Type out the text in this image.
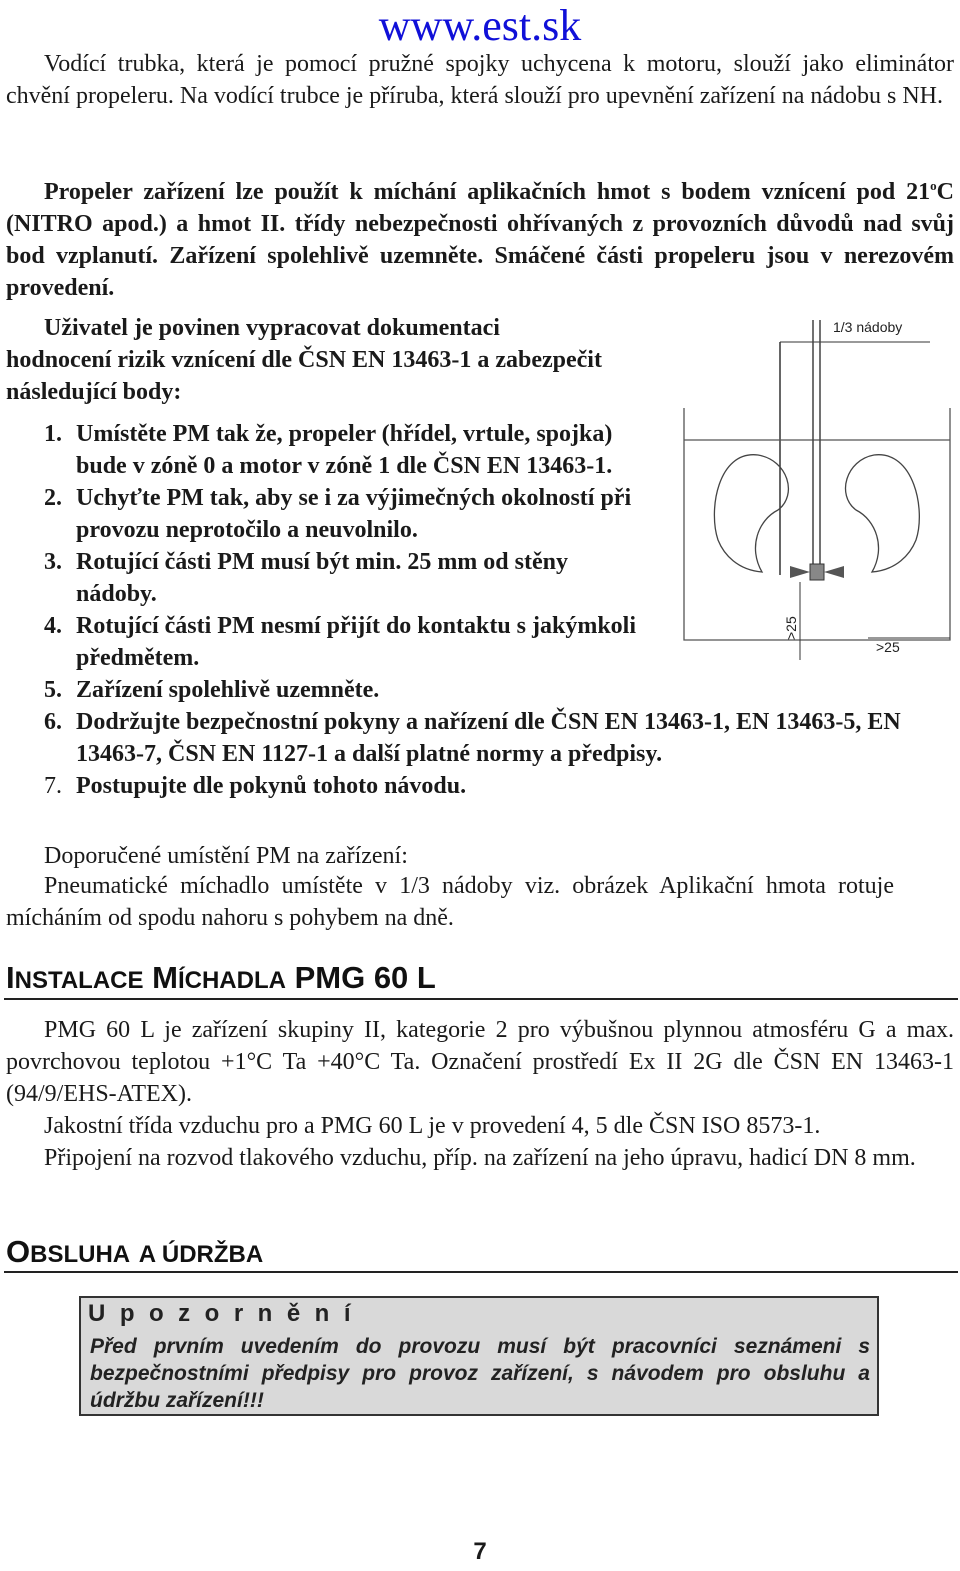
www.est.sk

Vodící trubka, která je pomocí pružné spojky uchycena k motoru, slouží jako eliminátor chvění propeleru. Na vodící trubce je příruba, která slouží pro upevnění zařízení na nádobu s NH.

Propeler zařízení lze použít k míchání aplikačních hmot s bodem vznícení pod 21$^o$C (NITRO apod.) a hmot II. třídy nebezpečnosti ohřívaných z provozních důvodů nad svůj bod vzplanutí. Zařízení spolehlivě uzemněte. Smáčené části propeleru jsou v nerezovém provedení.

Uživatel je povinen vypracovat dokumentaci hodnocení rizik vznícení dle ČSN EN 13463-1 a zabezpečit následující body:

1. Umístěte PM tak že, propeler (hřídel, vrtule, spojka) bude v zóně 0 a motor v zóně 1 dle ČSN EN 13463-1.
2. Uchyťte PM tak, aby se i za výjimečných okolností při provozu neprotočilo a neuvolnilo.
3. Rotující části PM musí být min. 25 mm od stěny nádoby.
4. Rotující části PM nesmí přijít do kontaktu s jakýmkoli předmětem.
5. Zařízení spolehlivě uzemněte.
6. Dodržujte bezpečnostní pokyny a nařízení dle ČSN EN 13463-1, EN 13463-5, EN 13463-7, ČSN EN 1127-1 a další platné normy a předpisy.
7. Postupujte dle pokynů tohoto návodu.
1/3 nádoby
>25
>25

Doporučené umístění PM na zařízení:

Pneumatické míchadlo umístěte v 1/3 nádoby viz. obrázek Aplikační hmota rotuje mícháním od spodu nahoru s pohybem na dně.

INSTALACE MÍCHADLA PMG 60 L

PMG 60 L je zařízení skupiny II, kategorie 2 pro výbušnou plynnou atmosféru G a max. povrchovou teplotou +1°C Ta +40°C Ta. Označení prostředí Ex II 2G dle ČSN EN 13463-1 (94/9/EHS-ATEX).

Jakostní třída vzduchu pro a PMG 60 L je v provedení 4, 5 dle ČSN ISO 8573-1.

Připojení na rozvod tlakového vzduchu, příp. na zařízení na jeho úpravu, hadicí DN 8 mm.

OBSLUHA A ÚDRŽBA
Upozornění
Před prvním uvedením do provozu musí být pracovníci seznámeni s bezpečnostními předpisy pro provoz zařízení, s návodem pro obsluhu a údržbu zařízení!!!
7
